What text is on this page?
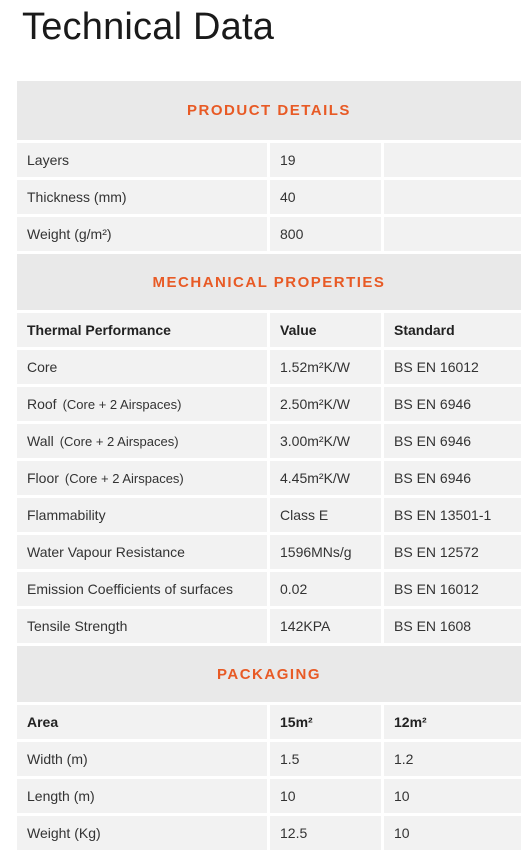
Technical Data
PRODUCT DETAILS		
Layers	19	
Thickness (mm)	40	
Weight (g/m²)	800	
MECHANICAL PROPERTIES		
Thermal Performance	Value	Standard
Core	1.52m²K/W	BS EN 16012
Roof (Core + 2 Airspaces)	2.50m²K/W	BS EN 6946
Wall (Core + 2 Airspaces)	3.00m²K/W	BS EN 6946
Floor (Core + 2 Airspaces)	4.45m²K/W	BS EN 6946
Flammability	Class E	BS EN 13501-1
Water Vapour Resistance	1596MNs/g	BS EN 12572
Emission Coefficients of surfaces	0.02	BS EN 16012
Tensile Strength	142KPA	BS EN 1608
PACKAGING		
Area	15m²	12m²
Width (m)	1.5	1.2
Length (m)	10	10
Weight (Kg)	12.5	10
